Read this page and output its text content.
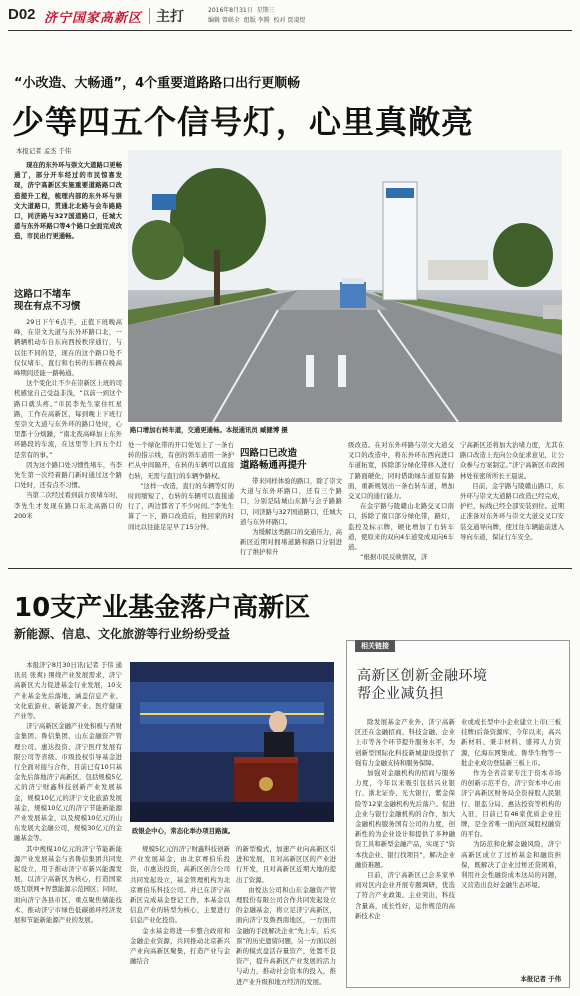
D02 济宁国家高新区 主打	2016年8月31日 星期三
编辑 曾联全 组版 李腾 校对 贾凌煜
“小改造、大畅通”，4个重要道路路口出行更顺畅
少等四五个信号灯，心里真敞亮
本报记者 孟杰 于伟
现在的东外环与崇文大道路口更畅通了，部分开车经过的市民惊喜发现，济宁高新区实施重要道路路口改造提升工程，梳理内部的东外环与崇文大道路口，贯通北北路与会车路路口，同济路与327国道路口，任城大道与东外环路口等4个路口全面完成改造，市民出行更通畅。
这路口不堵车
现在有点不习惯

29日下午6点半，正值下班晚高峰，在崇文大道与东外环路口北，一辆辆机动车自东向西按秩序通行，与以往不同的是，现在的这个路口处不仅仅堵车，直行和右转的车辆在晚高峰期间还能一路畅通。

这个变化让不少在崇新区上班的司机感觉自己受益非浅，“以前一到这个路口就头疼。”市民李先生家住红星路，工作在高新区，每到晚上下班行至崇文大道与东外环的路口处时，心里都十分烦躁，“南北夜高峰加上东外环路段的车流，在这里等上四五个灯是常有的事。”

因为这个路口处习惯性堵车，当李先生第一次经着路门新时通过这个路口处时，还有点不习惯。

当第二次经过看到前方夜堵车时，李先生才发现在路口东北高路口的200米

路口增加右转车道，交通更通畅。本报通讯员 臧健博 摄

处一个绿化带的开口处划上了一条右转的指示线，有创的领车道用一条护栏从中间隔开，在转的车辆可以直接右转，无需与直行的车辆争路权。

“这样一改造，直行的车辆等灯的时间缩短了，右转的车辆可以直接通行了，两边都省了不少时间。”李先生算了一下，路口改造后，他回家的时间比以往能足足早了15分钟。

四路口已改造
道路畅通再提升

带来同样体验的路口，除了崇文大道与东外环路口，还有三个路口，分别是陆城山东路与会子路路口，同济路与327国道路口，任城大道与东外环路口。

为缓解这类路口的交通压力，高新区近期对拥堵道路和路口分别进行了维护和升

级改造。在对东外环路与崇文大道交叉口的改造中，将东外环东西向进口车道拓宽，拆除部分绿化带移入进行了路面硬化，同时借助绿车道原有路面，重新规划出一条右转车道，增加交叉口的通行能力。

在金宇路与陵赣山北路交叉口南口，拆除了南口部分绿化带，路灯，监控及标示牌，硬化增加了右转车道，使原来的双向4车道变成双向6车道。

“根据市民反映情况，济

宁高新区还将加大治堵力度，尤其在路口改造上充向公众征求意见，让公众参与方案制定。”济宁高新区市政园林处崔密所所长王晨说。

目前，金宇路与陵赣山路口，东外环与崇文大道路口改造已经完成，护栏、标线已经全部安装到位。近期正准备对东外环与崇文大道交叉口安装交通导向牌，使过往车辆能前进入导向车道，保证行车安全。

10支产业基金落户高新区
新能源、信息、文化旅游等行业纷纷受益

本报济宁8月30日讯(记者 于伟 通讯员 张爽) 围绕产业发展需求，济宁高新区大力促进基金行业发展，10支产业基金先后落地，涵盖信息产业、文化旅游业、新能源产业、医疗健康产业等。

济宁高新区金融产业处积极与省财金集团、鲁信集团、山东金融资产管理公司、惠达投资、济宁医疗发展有限公司等省级、市级投权引导基金进行全面对接与合作，目前已有10只基金先后落地济宁高新区，包括规模5亿元的济宁财鑫科技创新产业发展基金，规模10亿元的济宁文化旅游发展基金，规模10亿元的济宁节能新能源产业发展基金，以及规模10亿元的山东发展大金融公司，规模30亿元的金融基金等。

其中规模10亿元的济宁节能新能源产业发展基金与省鲁信集团共同发起设立，用于推动济宁市新兴能源发展，以济宁高新区为核心，打造国家级互联网+智慧能源示范园区；同时，面向济宁各县市区，重点聚焦储能技术、推动济宁市绿色低碳循环经济发展和节能新能源产业的发展。

政银企中心，常态化举办项目路演。

规模5亿元的济宁财鑫科技创新产业发展基金，由北京赛伯乐投资，市惠达投资，高新区创合公司共同发起设立，基金管理机构为北京赛伯乐科技公司。并已在济宁高新区完成基金登记工作，本基金以信息产业的转型为核心，主要进行信息产业化投资。

金水基金将进一步整合政府和金融企业资源，共同推动北京新兴产业向高新区聚集，打造产业与金融结合

的新型模式，加速产业向高新区引进和发展，且对高新区区的产业进行开发，且对高新区近期大地的提出了资源。

由悦达公司和山东金融资产管理股份有限公司合作共同发起设立的金融基金，将立足济宁高新区，面向济宁及鲁西南地区，一方面用金融的手段解决企业“先上车，后买票”的历史遗留问题，另一方面以创新的模式盘活存量资产，处置不良资产，提升高新区产业发展的活力与动力，推动社会资本的投入，推进产业升级和地方经济的发展。

相关链接
高新区创新金融环境
帮企业减负担

除发展基金产业外，济宁高新区还在金融招商、科技金融、企业上市等各个环节提升服务水平，为创新型国际化科技新城建设提供了强有力金融支持和服务保障。

加强对金融机构的招商与服务力度，今年以来吸引包括兴业银行、浙北证券、光大银行，紫金保险等12家金融机构先后落户。促进企业与银行金融机构的合作，加大金融机构服务国有公司的力度，创新性的为企业设计和提供了多种融资工具和新型金融产品，实现了“资本找企业、银行找项目”，解决企业融资难题。

目前，济宁高新区已会多家单商对区内企业开展专题调研，优选了符合产业政策、主业突出，科技含量高，成长性好，运作规范的高新技术企

业或成长型中小企业建立上市(三板挂牌)后备资源库，今年以来，高兴新材料、秉丰材料、盛邦人力资源，亿海东网集成、鲁华生物等一批企业成功登陆新三板上市。

作为全省首家专注于资本市场的创新示范平台，济宁资本中心由济宁高新区财务局全资持股人民银行、银监分局、惠达投资等机构的入驻，目前已有46家优质企业挂牌，是全省唯一面向区域股权融资的平台。

为防范和化解金融风险，济宁高新区成立了过桥基金和融资担保，既解决了企业过桥还贷困难，利用社会性融资成本这局的问题，又营造出良好金融生态环境。

本报记者 于伟
